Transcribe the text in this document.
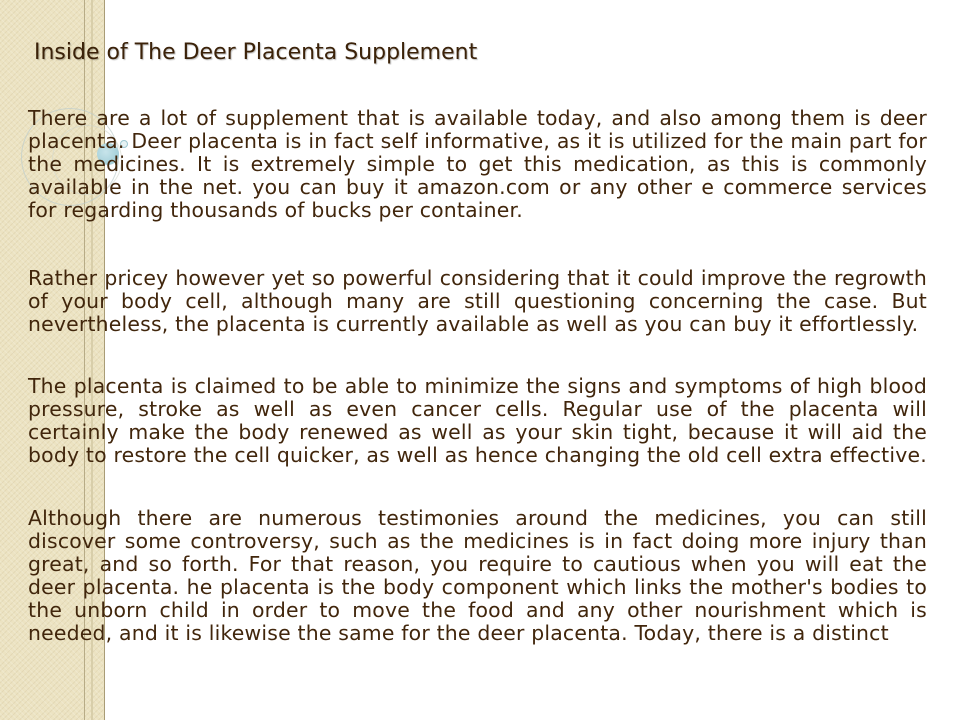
Inside of The Deer Placenta Supplement

There are a lot of supplement that is available today, and also among them is deer placenta. Deer placenta is in fact self informative, as it is utilized for the main part for the medicines. It is extremely simple to get this medication, as this is commonly available in the net. you can buy it amazon.com or any other e commerce services for regarding thousands of bucks per container.

Rather pricey however yet so powerful considering that it could improve the regrowth of your body cell, although many are still questioning concerning the case. But nevertheless, the placenta is currently available as well as you can buy it effortlessly.

The placenta is claimed to be able to minimize the signs and symptoms of high blood pressure, stroke as well as even cancer cells. Regular use of the placenta will certainly make the body renewed as well as your skin tight, because it will aid the body to restore the cell quicker, as well as hence changing the old cell extra effective.

Although there are numerous testimonies around the medicines, you can still discover some controversy, such as the medicines is in fact doing more injury than great, and so forth. For that reason, you require to cautious when you will eat the deer placenta. he placenta is the body component which links the mother's bodies to the unborn child in order to move the food and any other nourishment which is needed, and it is likewise the same for the deer placenta. Today, there is a distinct
